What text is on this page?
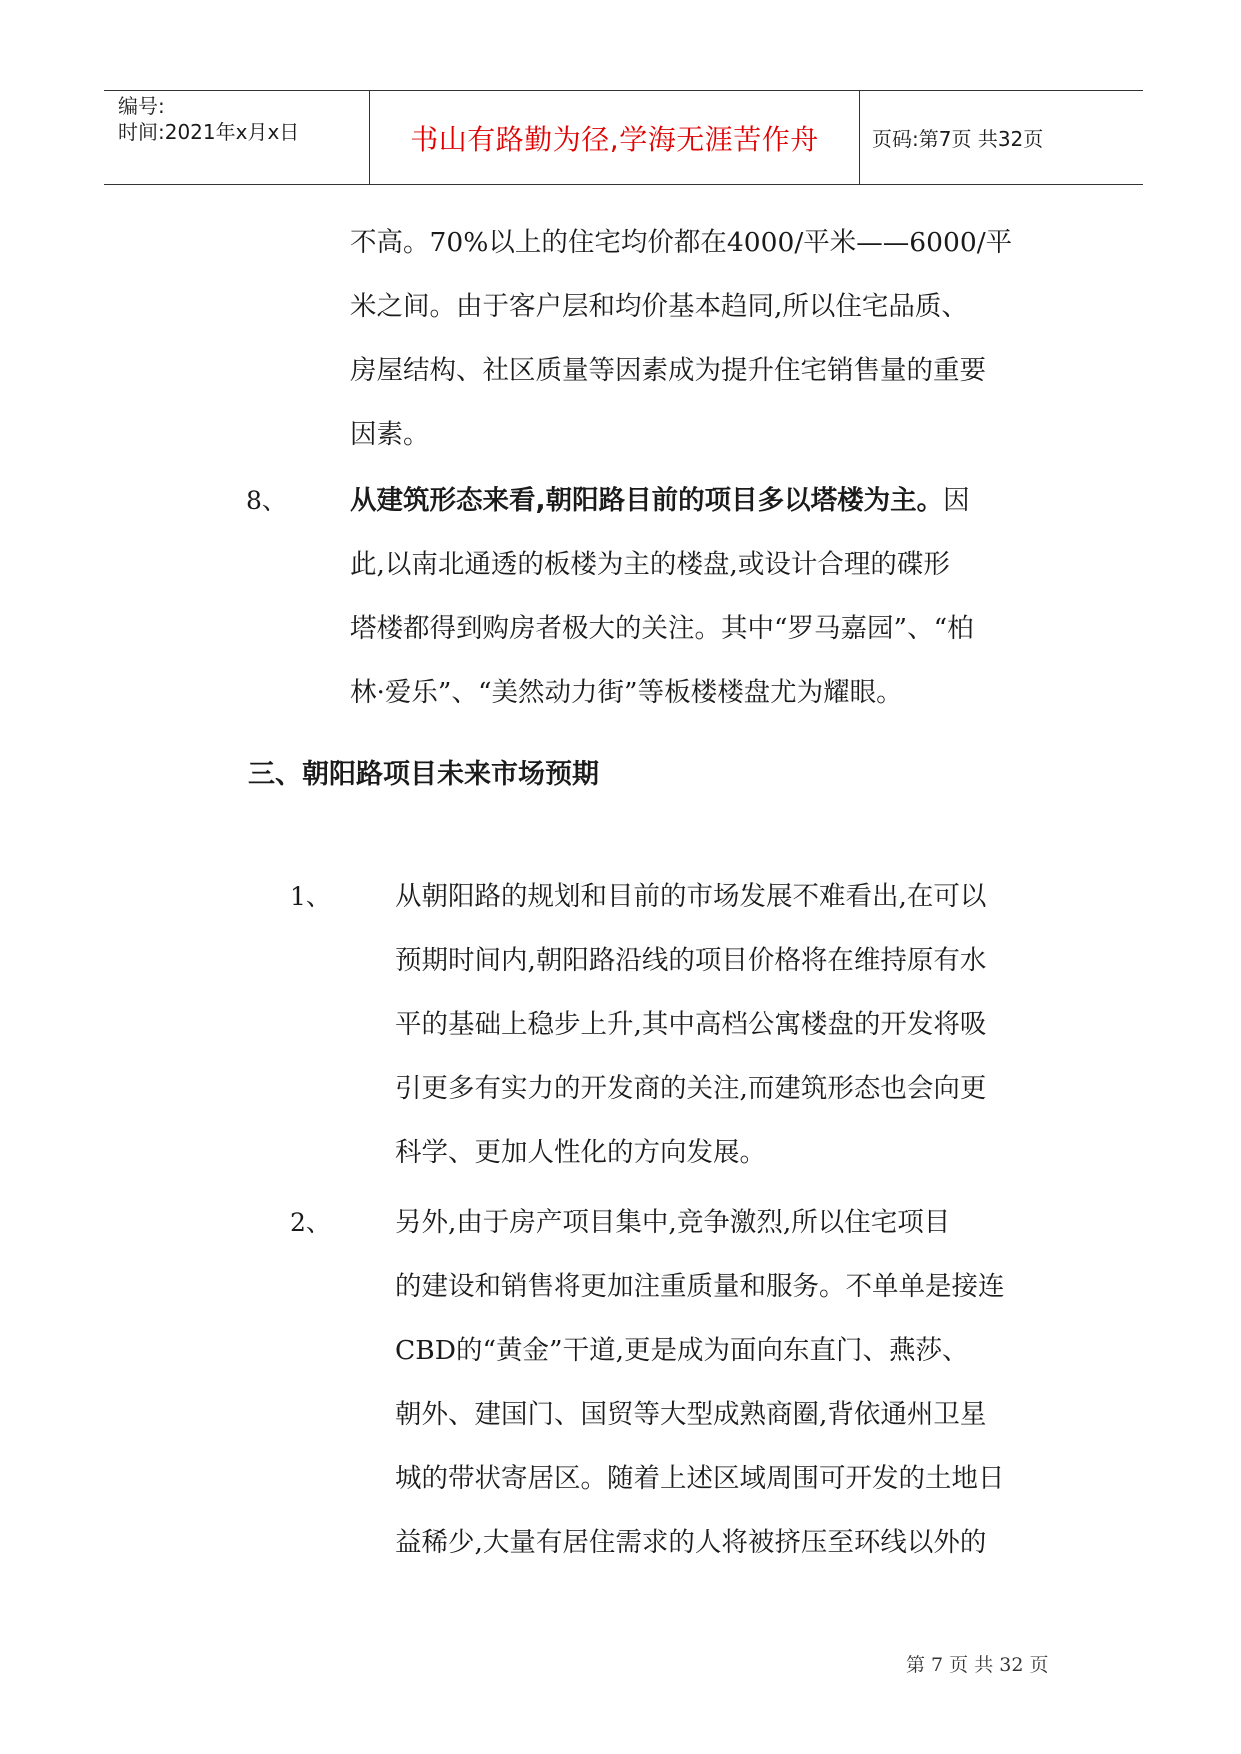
编号:
时间:2021年x月x日	书山有路勤为径,学海无涯苦作舟	页码:第7页 共32页
不高。70%以上的住宅均价都在4000/平米——6000/平
米之间。由于客户层和均价基本趋同,所以住宅品质、
房屋结构、社区质量等因素成为提升住宅销售量的重要
因素。
8、 从建筑形态来看,朝阳路目前的项目多以塔楼为主。因
此,以南北通透的板楼为主的楼盘,或设计合理的碟形
塔楼都得到购房者极大的关注。其中“罗马嘉园”、“柏
林·爱乐”、“美然动力街”等板楼楼盘尤为耀眼。
三、朝阳路项目未来市场预期
1、 从朝阳路的规划和目前的市场发展不难看出,在可以
预期时间内,朝阳路沿线的项目价格将在维持原有水
平的基础上稳步上升,其中高档公寓楼盘的开发将吸
引更多有实力的开发商的关注,而建筑形态也会向更
科学、更加人性化的方向发展。
2、 另外,由于房产项目集中,竞争激烈,所以住宅项目
的建设和销售将更加注重质量和服务。不单单是接连
CBD的“黄金”干道,更是成为面向东直门、燕莎、
朝外、建国门、国贸等大型成熟商圈,背依通州卫星
城的带状寄居区。随着上述区域周围可开发的土地日
益稀少,大量有居住需求的人将被挤压至环线以外的
第 7 页 共 32 页
